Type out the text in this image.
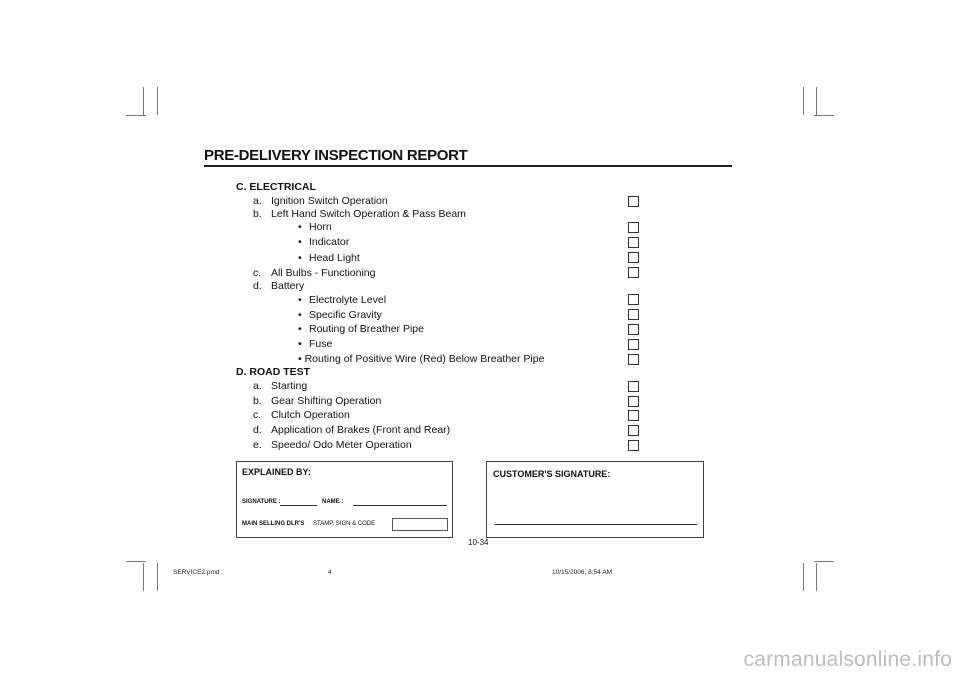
PRE-DELIVERY INSPECTION REPORT
C. ELECTRICAL
a. Ignition Switch Operation
b. Left Hand Switch Operation & Pass Beam
• Horn
• Indicator
• Head Light
c. All Bulbs - Functioning
d. Battery
• Electrolyte Level
• Specific Gravity
• Routing of Breather Pipe
• Fuse
• Routing of Positive Wire (Red) Below Breather Pipe
D. ROAD TEST
a. Starting
b. Gear Shifting Operation
c. Clutch Operation
d. Application of Brakes (Front and Rear)
e. Speedo/ Odo Meter Operation
EXPLAINED BY:
SIGNATURE :	NAME :
MAIN SELLING DLR'S STAMP, SIGN & CODE
CUSTOMER'S SIGNATURE:
10-34
SERVICE2.pmd	4	10/15/2006, 8:54 AM
carmanualsonline.info
